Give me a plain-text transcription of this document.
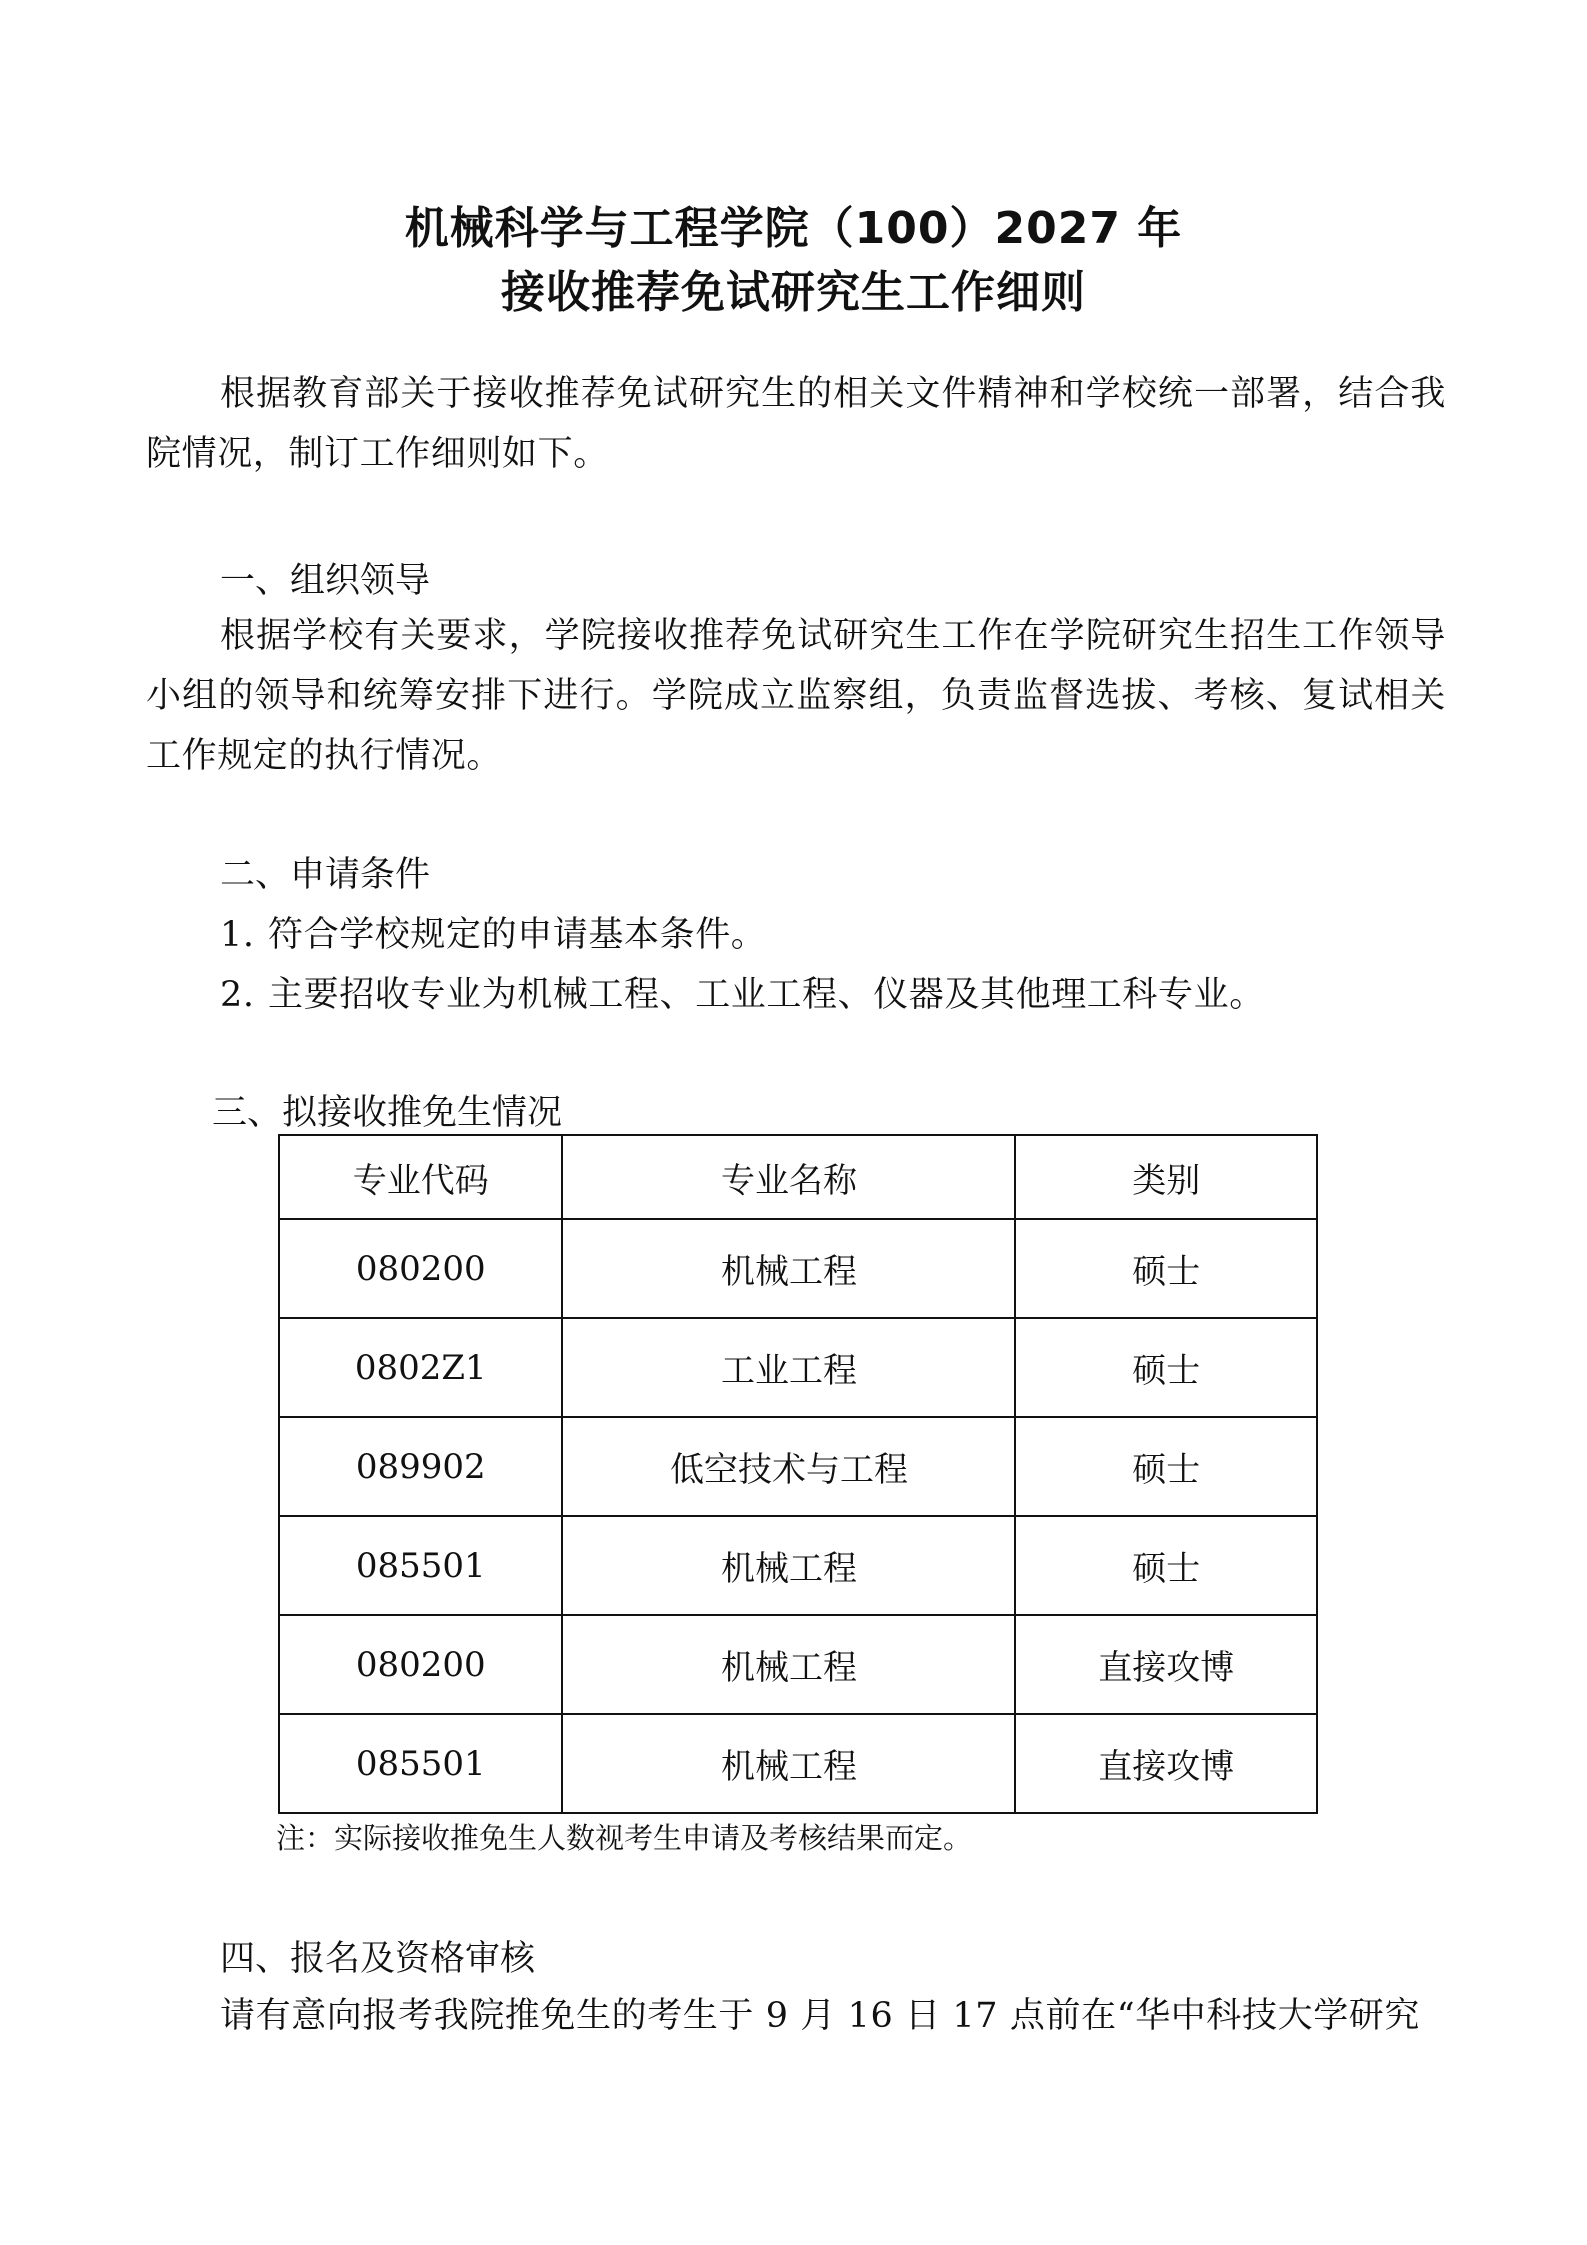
机械科学与工程学院（100）2027 年
接收推荐免试研究生工作细则

根据教育部关于接收推荐免试研究生的相关文件精神和学校统一部署，结合我院情况，制订工作细则如下。

一、组织领导

根据学校有关要求，学院接收推荐免试研究生工作在学院研究生招生工作领导小组的领导和统筹安排下进行。学院成立监察组，负责监督选拔、考核、复试相关工作规定的执行情况。

二、申请条件
1. 符合学校规定的申请基本条件。
2. 主要招收专业为机械工程、工业工程、仪器及其他理工科专业。
三、拟接收推免生情况
专业代码	专业名称	类别
080200	机械工程	硕士
0802Z1	工业工程	硕士
089902	低空技术与工程	硕士
085501	机械工程	硕士
080200	机械工程	直接攻博
085501	机械工程	直接攻博
注：实际接收推免生人数视考生申请及考核结果而定。
四、报名及资格审核

请有意向报考我院推免生的考生于 9 月 16 日 17 点前在“华中科技大学研究
